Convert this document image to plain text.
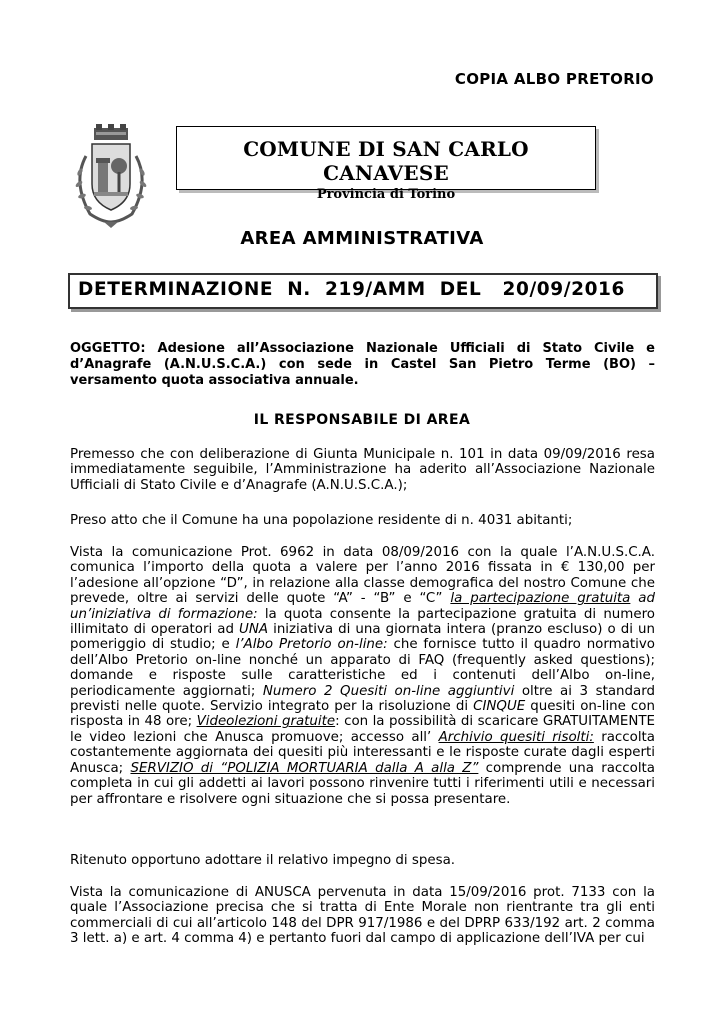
COPIA ALBO PRETORIO
COMUNE DI SAN CARLO CANAVESE
Provincia di Torino
AREA AMMINISTRATIVA
DETERMINAZIONE  N.  219/AMM  DEL   20/09/2016
OGGETTO: Adesione all’Associazione Nazionale Ufficiali di Stato Civile e d’Anagrafe (A.N.U.S.C.A.) con sede in Castel San Pietro Terme (BO) – versamento quota associativa annuale.
IL RESPONSABILE DI AREA
Premesso che con deliberazione di Giunta Municipale n. 101 in data 09/09/2016 resa immediatamente seguibile, l’Amministrazione ha aderito all’Associazione Nazionale Ufficiali di Stato Civile e d’Anagrafe (A.N.U.S.C.A.);
Preso atto che il Comune ha una popolazione residente di n. 4031 abitanti;
Vista la comunicazione Prot. 6962 in data 08/09/2016 con la quale l’A.N.U.S.C.A. comunica l’importo della quota a valere per l’anno 2016 fissata in € 130,00 per l’adesione all’opzione “D”, in relazione alla classe demografica del nostro Comune che prevede, oltre ai servizi delle quote “A” - “B” e “C” la partecipazione gratuita ad un’iniziativa di formazione: la quota consente la partecipazione gratuita di numero illimitato di operatori ad UNA iniziativa di una giornata intera (pranzo escluso) o di un pomeriggio di studio; e l’Albo Pretorio on-line: che fornisce tutto il quadro normativo dell’Albo Pretorio on-line nonché un apparato di FAQ (frequently asked questions); domande e risposte sulle caratteristiche ed i contenuti dell’Albo on-line, periodicamente aggiornati; Numero 2 Quesiti on-line aggiuntivi oltre ai 3 standard previsti nelle quote. Servizio integrato per la risoluzione di CINQUE quesiti on-line con risposta in 48 ore; Videolezioni gratuite: con la possibilità di scaricare GRATUITAMENTE le video lezioni che Anusca promuove; accesso all’ Archivio quesiti risolti: raccolta costantemente aggiornata dei quesiti più interessanti e le risposte curate dagli esperti Anusca; SERVIZIO di “POLIZIA MORTUARIA dalla A alla Z” comprende una raccolta completa in cui gli addetti ai lavori possono rinvenire tutti i riferimenti utili e necessari per affrontare e risolvere ogni situazione che si possa presentare.
Ritenuto opportuno adottare il relativo impegno di spesa.
Vista la comunicazione di ANUSCA pervenuta in data 15/09/2016 prot. 7133 con la quale l’Associazione precisa che si tratta di Ente Morale non rientrante tra gli enti commerciali di cui all’articolo 148 del DPR 917/1986 e del DPRP 633/192 art. 2 comma 3 lett. a) e art. 4 comma 4) e pertanto fuori dal campo di applicazione dell’IVA per cui
